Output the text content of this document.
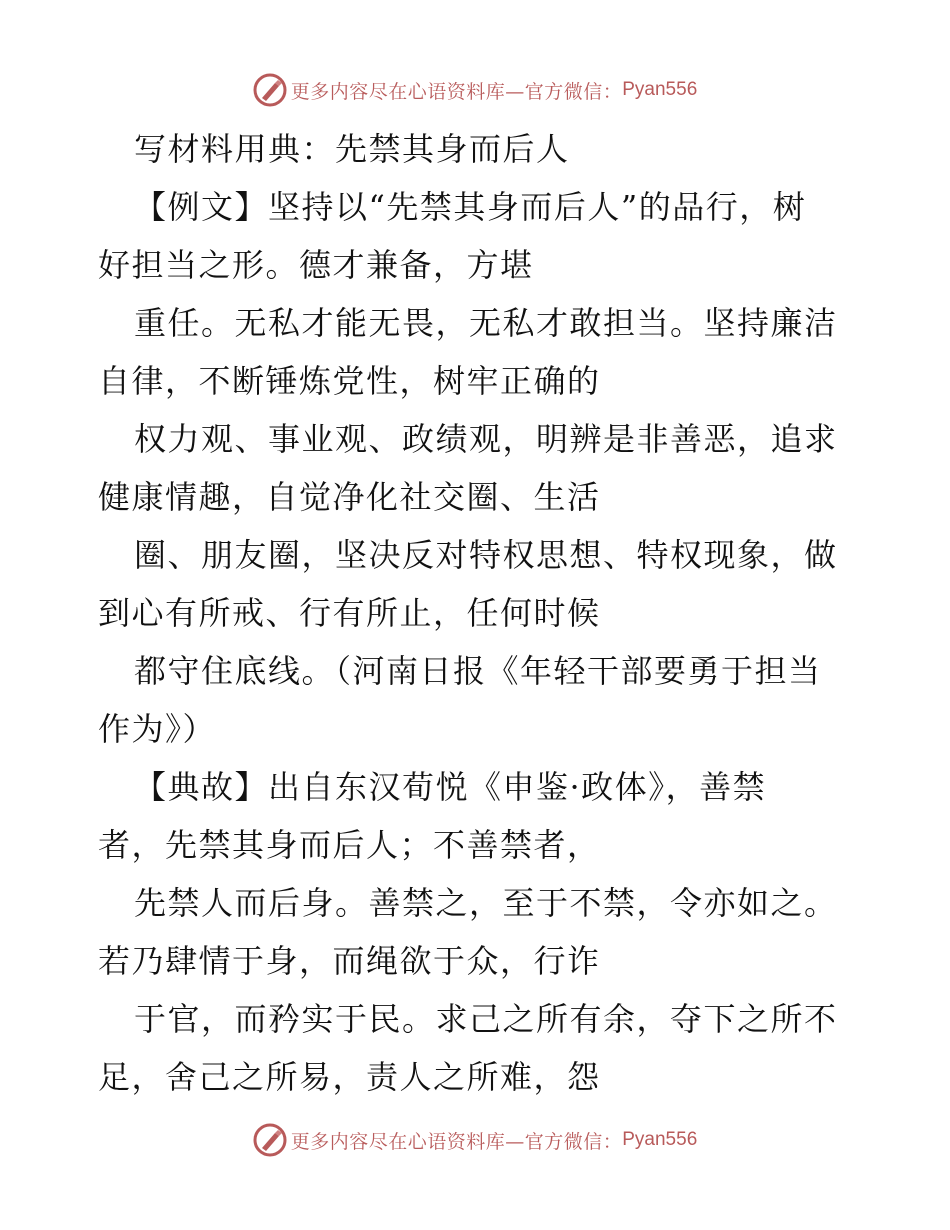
更多内容尽在心语资料库—官方微信： Pyan556
写材料用典：先禁其身而后人
【例文】坚持以“先禁其身而后人”的品行，树
好担当之形。德才兼备，方堪
重任。无私才能无畏，无私才敢担当。坚持廉洁
自律，不断锤炼党性，树牢正确的
权力观、事业观、政绩观，明辨是非善恶，追求
健康情趣，自觉净化社交圈、生活
圈、朋友圈，坚决反对特权思想、特权现象，做
到心有所戒、行有所止，任何时候
都守住底线。（河南日报《年轻干部要勇于担当
作为》）
【典故】出自东汉荀悦《申鉴·政体》，善禁
者，先禁其身而后人；不善禁者，
先禁人而后身。善禁之，至于不禁，令亦如之。
若乃肆情于身，而绳欲于众，行诈
于官，而矜实于民。求己之所有余，夺下之所不
足，舍己之所易，责人之所难，怨
更多内容尽在心语资料库—官方微信： Pyan556
